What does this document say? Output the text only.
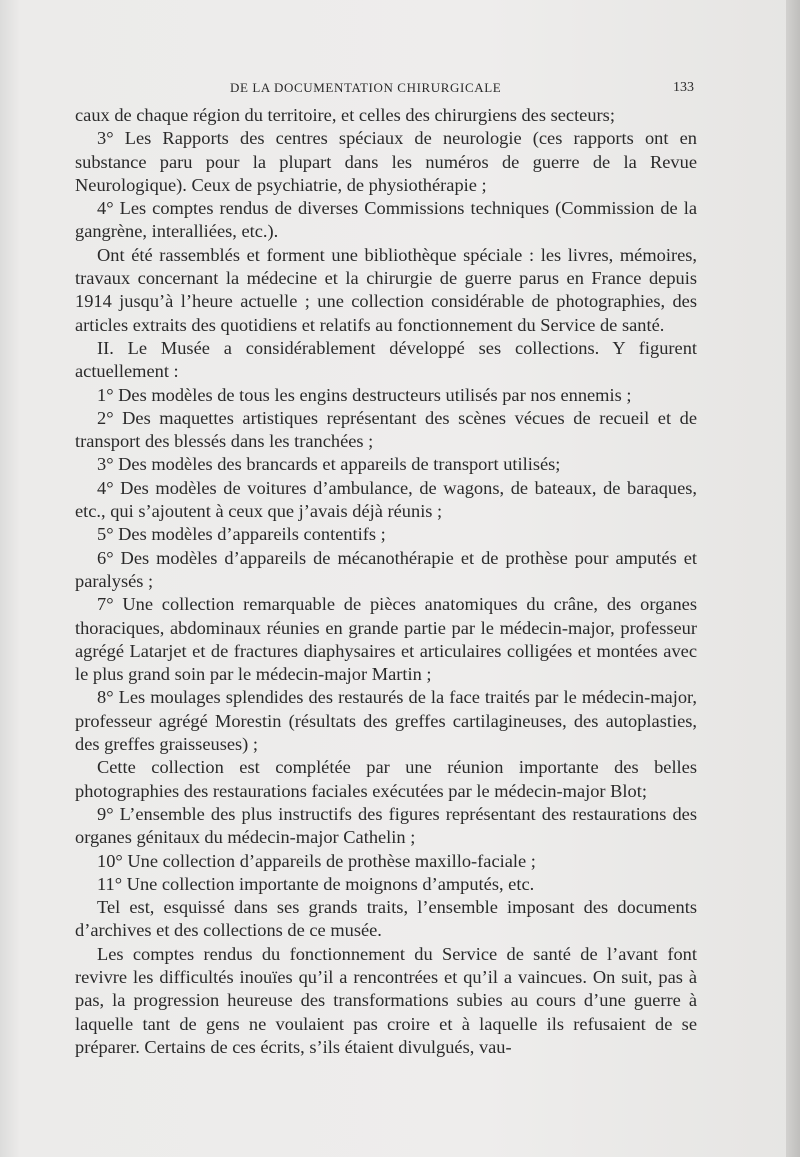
DE LA DOCUMENTATION CHIRURGICALE	133

caux de chaque région du territoire, et celles des chirurgiens des secteurs;

3° Les Rapports des centres spéciaux de neurologie (ces rapports ont en substance paru pour la plupart dans les numéros de guerre de la Revue Neurologique). Ceux de psychiatrie, de physiothérapie ;

4° Les comptes rendus de diverses Commissions techniques (Commission de la gangrène, interalliées, etc.).

Ont été rassemblés et forment une bibliothèque spéciale : les livres, mémoires, travaux concernant la médecine et la chirurgie de guerre parus en France depuis 1914 jusqu’à l’heure actuelle ; une collection considérable de photographies, des articles extraits des quotidiens et relatifs au fonctionnement du Service de santé.

II. Le Musée a considérablement développé ses collections. Y figurent actuellement :

1° Des modèles de tous les engins destructeurs utilisés par nos ennemis ;

2° Des maquettes artistiques représentant des scènes vécues de recueil et de transport des blessés dans les tranchées ;

3° Des modèles des brancards et appareils de transport utilisés;

4° Des modèles de voitures d’ambulance, de wagons, de bateaux, de baraques, etc., qui s’ajoutent à ceux que j’avais déjà réunis ;

5° Des modèles d’appareils contentifs ;

6° Des modèles d’appareils de mécanothérapie et de prothèse pour amputés et paralysés ;

7° Une collection remarquable de pièces anatomiques du crâne, des organes thoraciques, abdominaux réunies en grande partie par le médecin-major, professeur agrégé Latarjet et de fractures diaphysaires et articulaires colligées et montées avec le plus grand soin par le médecin-major Martin ;

8° Les moulages splendides des restaurés de la face traités par le médecin-major, professeur agrégé Morestin (résultats des greffes cartilagineuses, des autoplasties, des greffes graisseuses) ;

Cette collection est complétée par une réunion importante des belles photographies des restaurations faciales exécutées par le médecin-major Blot;

9° L’ensemble des plus instructifs des figures représentant des restaurations des organes génitaux du médecin-major Cathelin ;

10° Une collection d’appareils de prothèse maxillo-faciale ;

11° Une collection importante de moignons d’amputés, etc.

Tel est, esquissé dans ses grands traits, l’ensemble imposant des documents d’archives et des collections de ce musée.

Les comptes rendus du fonctionnement du Service de santé de l’avant font revivre les difficultés inouïes qu’il a rencontrées et qu’il a vaincues. On suit, pas à pas, la progression heureuse des transformations subies au cours d’une guerre à laquelle tant de gens ne voulaient pas croire et à laquelle ils refusaient de se préparer. Certains de ces écrits, s’ils étaient divulgués, vau-
